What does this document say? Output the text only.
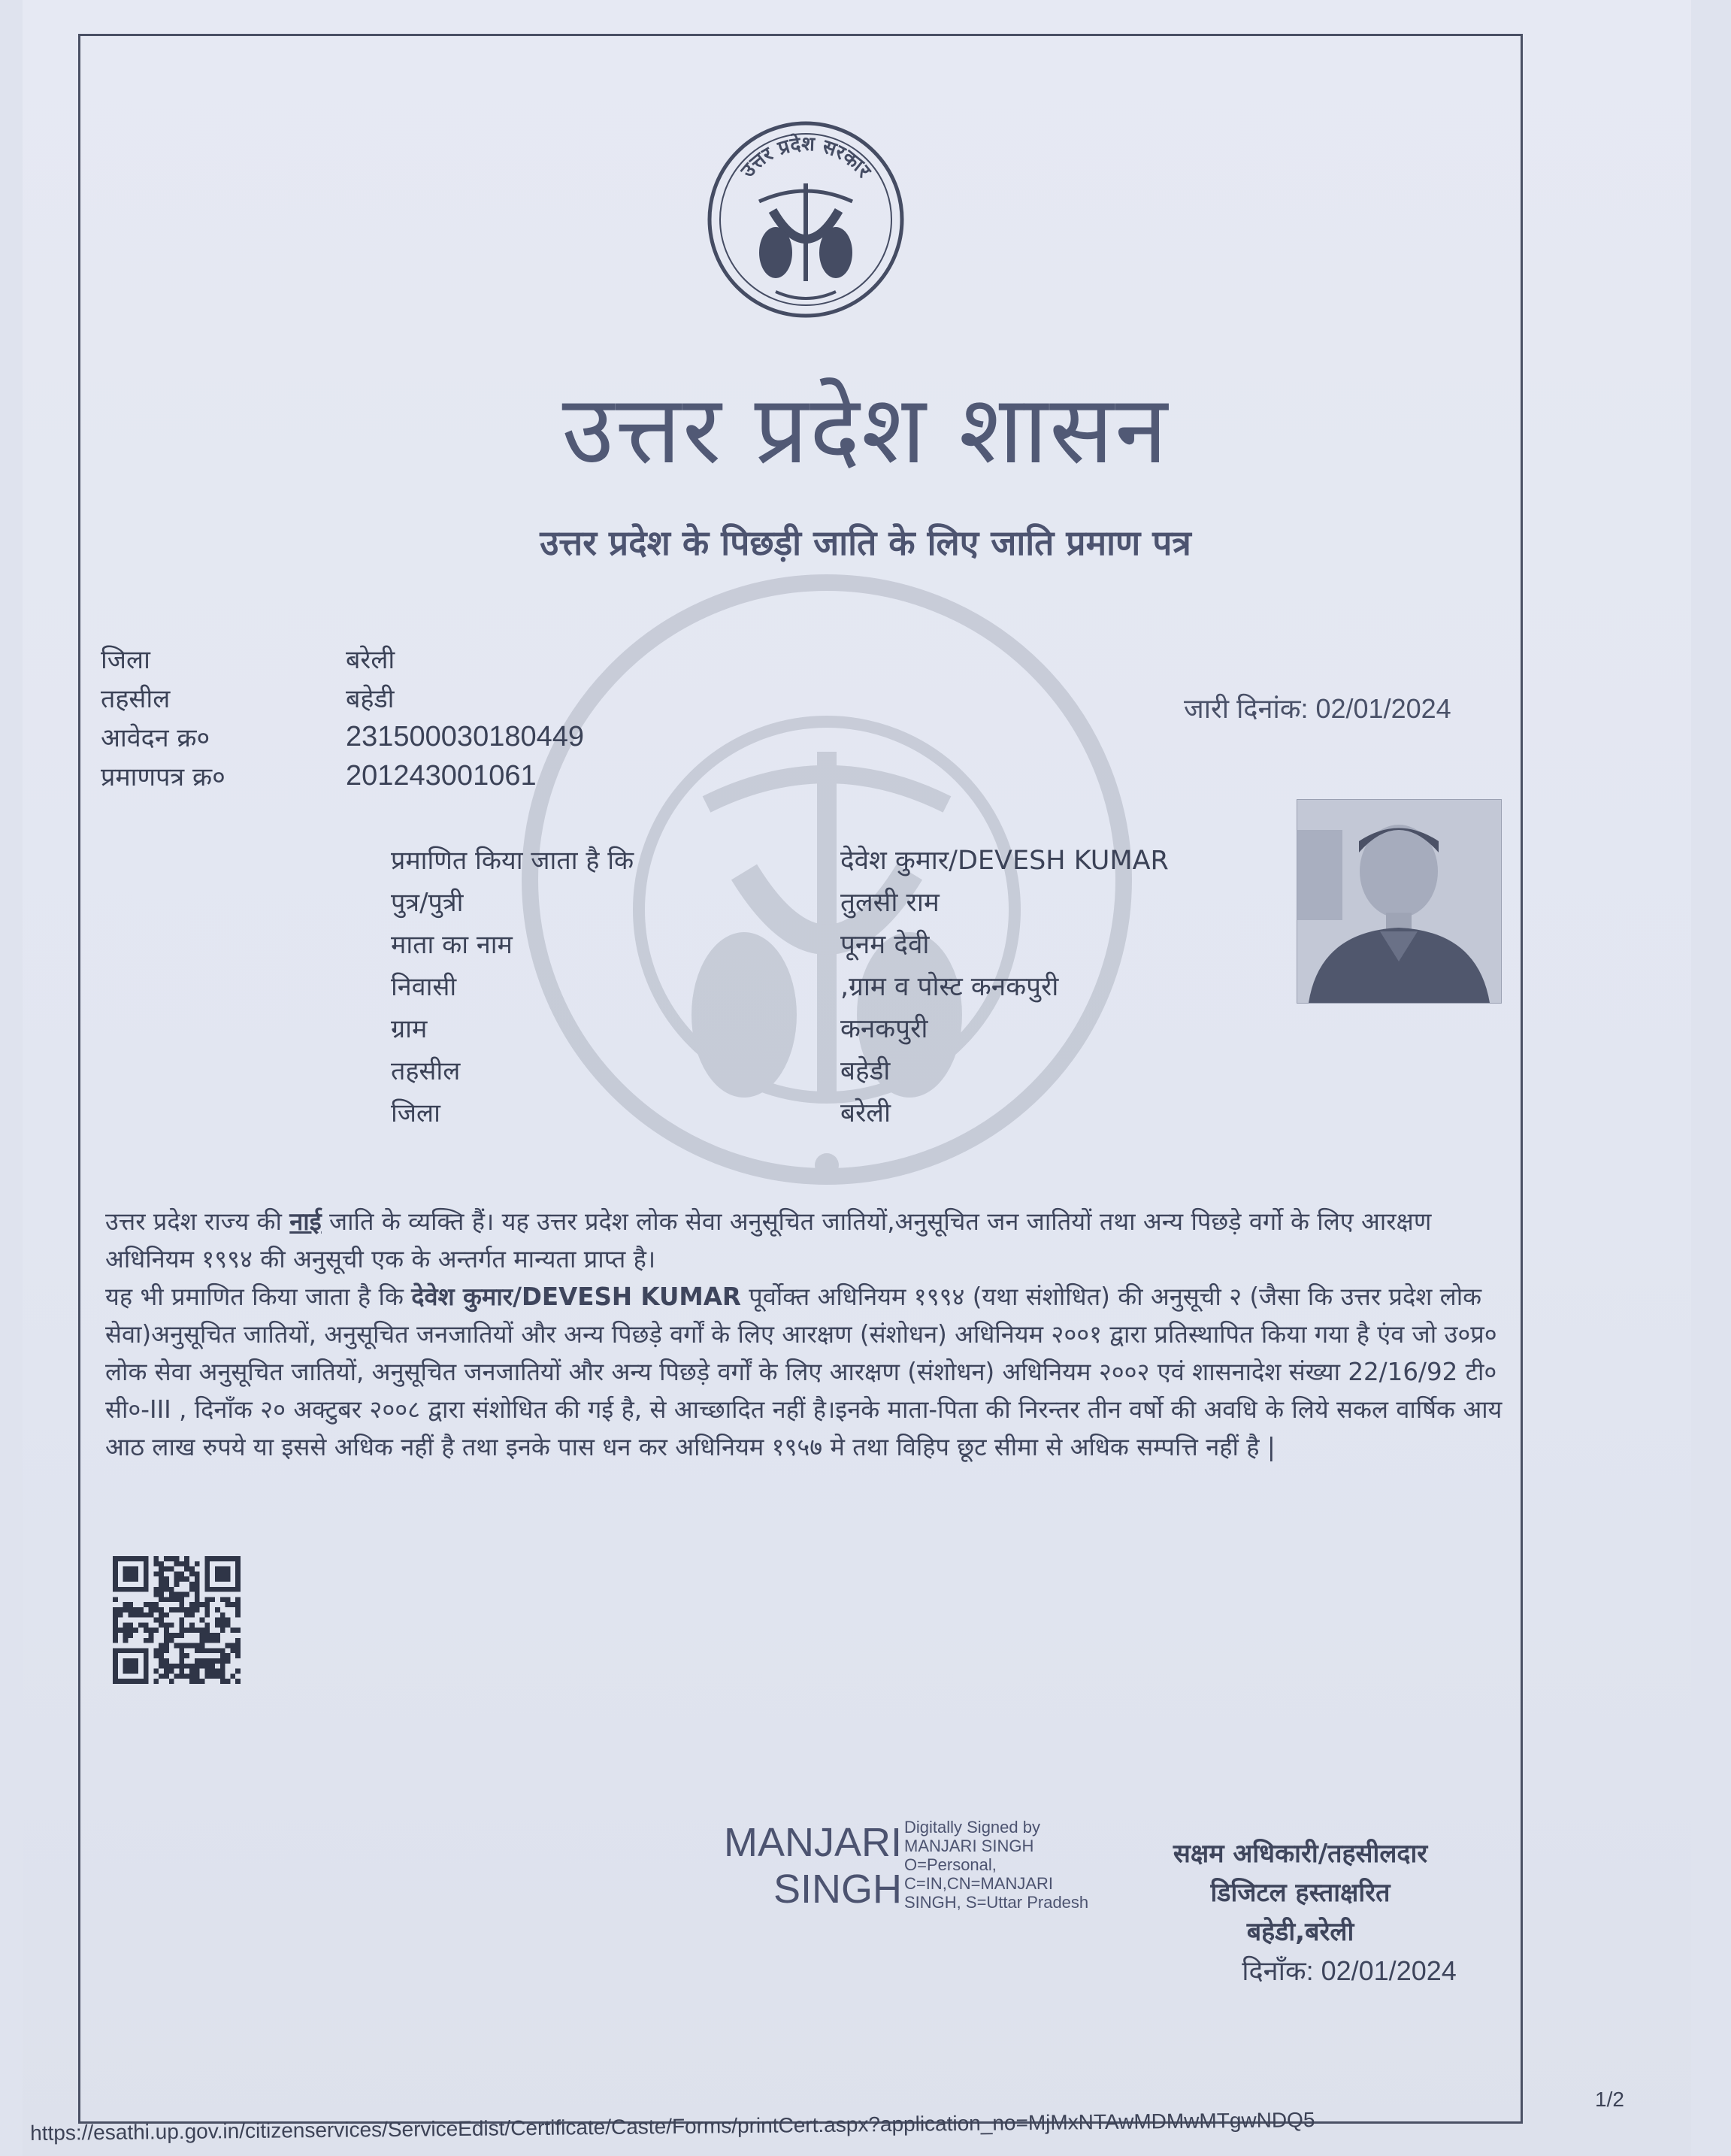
उत्तर प्रदेश सरकार
उत्तर प्रदेश शासन
उत्तर प्रदेश के पिछड़ी जाति के लिए जाति प्रमाण पत्र
जिला	बरेली
तहसील	बहेडी
आवेदन क्र०	231500030180449
प्रमाणपत्र क्र०	201243001061
जारी दिनांक: 02/01/2024
प्रमाणित किया जाता है कि	देवेश कुमार/DEVESH KUMAR
पुत्र/पुत्री	तुलसी राम
माता का नाम	पूनम देवी
निवासी	,ग्राम व पोस्ट कनकपुरी
ग्राम	कनकपुरी
तहसील	बहेडी
जिला	बरेली

उत्तर प्रदेश राज्य की नाई जाति के व्यक्ति हैं। यह उत्तर प्रदेश लोक सेवा अनुसूचित जातियों,अनुसूचित जन जातियों तथा अन्य पिछड़े वर्गो के लिए आरक्षण अधिनियम १९९४ की अनुसूची एक के अन्तर्गत मान्यता प्राप्त है।

यह भी प्रमाणित किया जाता है कि देवेश कुमार/DEVESH KUMAR पूर्वोक्त अधिनियम १९९४ (यथा संशोधित) की अनुसूची २ (जैसा कि उत्तर प्रदेश लोक सेवा)अनुसूचित जातियों, अनुसूचित जनजातियों और अन्य पिछड़े वर्गों के लिए आरक्षण (संशोधन) अधिनियम २००१ द्वारा प्रतिस्थापित किया गया है एंव जो उ०प्र० लोक सेवा अनुसूचित जातियों, अनुसूचित जनजातियों और अन्य पिछड़े वर्गों के लिए आरक्षण (संशोधन) अधिनियम २००२ एवं शासनादेश संख्या 22/16/92 टी० सी०-III , दिनाँक २० अक्टुबर २००८ द्वारा संशोधित की गई है, से आच्छादित नहीं है।इनके माता-पिता की निरन्तर तीन वर्षो की अवधि के लिये सकल वार्षिक आय आठ लाख रुपये या इससे अधिक नहीं है तथा इनके पास धन कर अधिनियम १९५७ मे तथा विहिप छूट सीमा से अधिक सम्पत्ति नहीं है |

MANJARI
SINGH
Digitally Signed by
MANJARI SINGH
O=Personal,
C=IN,CN=MANJARI
SINGH, S=Uttar Pradesh
सक्षम अधिकारी/तहसीलदार
डिजिटल हस्ताक्षरित
बहेडी,बरेली
दिनाँक: 02/01/2024
https://esathi.up.gov.in/citizenservices/ServiceEdist/Certificate/Caste/Forms/printCert.aspx?application_no=MjMxNTAwMDMwMTgwNDQ5
1/2
